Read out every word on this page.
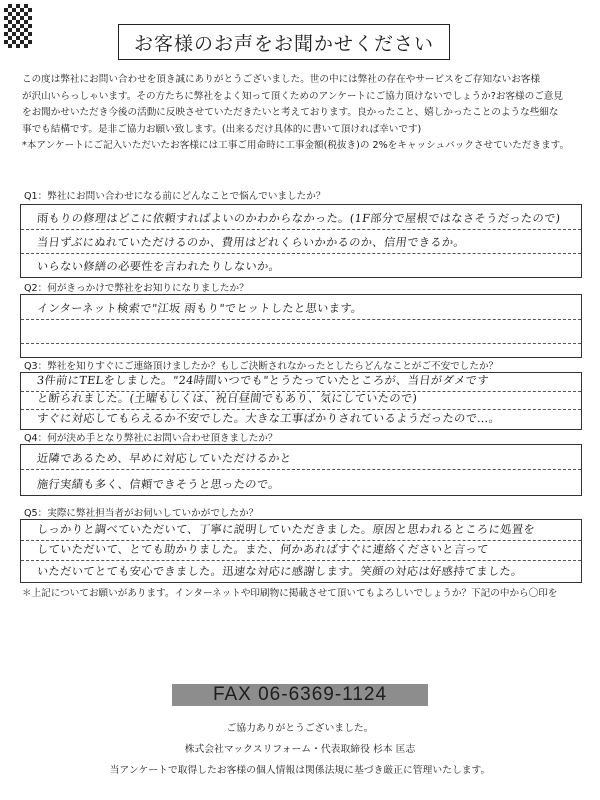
お客様のお声をお聞かせください

この度は弊社にお問い合わせを頂き誠にありがとうございました。世の中には弊社の存在やサービスをご存知ないお客様

が沢山いらっしゃいます。その方たちに弊社をよく知って頂くためのアンケートにご協力頂けないでしょうか?お客様のご意見

をお聞かせいただき今後の活動に反映させていただきたいと考えております。良かったこと、嬉しかったことのような些細な

事でも結構です。是非ご協力お願い致します。(出来るだけ具体的に書いて頂ければ幸いです)

*本アンケートにご記入いただいたお客様には工事ご用命時に工事金額(税抜き)の 2%をキャッシュバックさせていただきます。

Q1：弊社にお問い合わせになる前にどんなことで悩んでいましたか？
雨もりの修理はどこに依頼すればよいのかわからなかった。(1F部分で屋根ではなさそうだったので)
当日ずぶにぬれていただけるのか、費用はどれくらいかかるのか、信用できるか。
いらない修繕の必要性を言われたりしないか。
Q2：何がきっかけで弊社をお知りになりましたか？
インターネット検索で"江坂 雨もり"でヒットしたと思います。
Q3：弊社を知りすぐにご連絡頂けましたか？もしご決断されなかったとしたらどんなことがご不安でしたか？
3件前にTELをしました。"24時間いつでも"とうたっていたところが、当日がダメです
と断られました。(土曜もしくは、祝日昼間でもあり、気にしていたので)
すぐに対応してもらえるか不安でした。大きな工事ばかりされているようだったので…。
Q4：何が決め手となり弊社にお問い合わせ頂きましたか？
近隣であるため、早めに対応していただけるかと
施行実績も多く、信頼できそうと思ったので。
Q5：実際に弊社担当者がお伺いしていかがでしたか？
しっかりと調べていただいて、丁寧に説明していただきました。原因と思われるところに処置を
していただいて、とても助かりました。また、何かあればすぐに連絡くださいと言って
いただいてとても安心できました。迅速な対応に感謝します。笑顔の対応は好感持てました。
＊上記についてお願いがあります。インターネットや印刷物に掲載させて頂いてもよろしいでしょうか？下記の中から〇印を
FAX 06-6369-1124
ご協力ありがとうございました。
株式会社マックスリフォーム・代表取締役 杉本 匡志
当アンケートで取得したお客様の個人情報は関係法規に基づき厳正に管理いたします。
